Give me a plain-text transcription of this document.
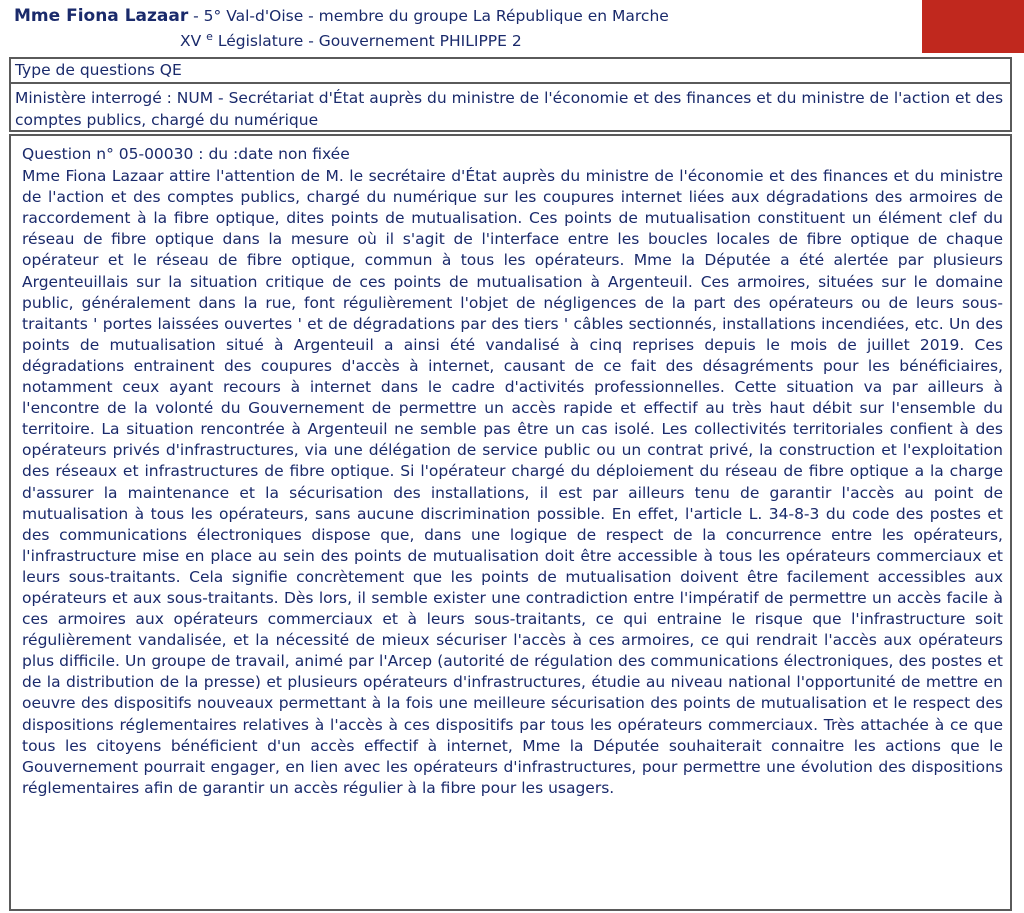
Mme Fiona Lazaar - 5° Val-d'Oise - membre du groupe La République en Marche
XV $^e$ Législature - Gouvernement PHILIPPE 2
Type de questions QE
Ministère interrogé : NUM - Secrétariat d'État auprès du ministre de l'économie et des finances et du ministre de l'action et des comptes publics, chargé du numérique
Question n° 05-00030 : du :date non fixée
Mme Fiona Lazaar attire l'attention de M. le secrétaire d'État auprès du ministre de l'économie et des finances et du ministre de l'action et des comptes publics, chargé du numérique sur les coupures internet liées aux dégradations des armoires de raccordement à la fibre optique, dites points de mutualisation. Ces points de mutualisation constituent un élément clef du réseau de fibre optique dans la mesure où il s'agit de l'interface entre les boucles locales de fibre optique de chaque opérateur et le réseau de fibre optique, commun à tous les opérateurs. Mme la Députée a été alertée par plusieurs Argenteuillais sur la situation critique de ces points de mutualisation à Argenteuil. Ces armoires, situées sur le domaine public, généralement dans la rue, font régulièrement l'objet de négligences de la part des opérateurs ou de leurs sous-traitants ' portes laissées ouvertes ' et de dégradations par des tiers ' câbles sectionnés, installations incendiées, etc. Un des points de mutualisation situé à Argenteuil a ainsi été vandalisé à cinq reprises depuis le mois de juillet 2019. Ces dégradations entrainent des coupures d'accès à internet, causant de ce fait des désagréments pour les bénéficiaires, notamment ceux ayant recours à internet dans le cadre d'activités professionnelles. Cette situation va par ailleurs à l'encontre de la volonté du Gouvernement de permettre un accès rapide et effectif au très haut débit sur l'ensemble du territoire. La situation rencontrée à Argenteuil ne semble pas être un cas isolé. Les collectivités territoriales confient à des opérateurs privés d'infrastructures, via une délégation de service public ou un contrat privé, la construction et l'exploitation des réseaux et infrastructures de fibre optique. Si l'opérateur chargé du déploiement du réseau de fibre optique a la charge d'assurer la maintenance et la sécurisation des installations, il est par ailleurs tenu de garantir l'accès au point de mutualisation à tous les opérateurs, sans aucune discrimination possible. En effet, l'article L. 34-8-3 du code des postes et des communications électroniques dispose que, dans une logique de respect de la concurrence entre les opérateurs, l'infrastructure mise en place au sein des points de mutualisation doit être accessible à tous les opérateurs commerciaux et leurs sous-traitants. Cela signifie concrètement que les points de mutualisation doivent être facilement accessibles aux opérateurs et aux sous-traitants. Dès lors, il semble exister une contradiction entre l'impératif de permettre un accès facile à ces armoires aux opérateurs commerciaux et à leurs sous-traitants, ce qui entraine le risque que l'infrastructure soit régulièrement vandalisée, et la nécessité de mieux sécuriser l'accès à ces armoires, ce qui rendrait l'accès aux opérateurs plus difficile. Un groupe de travail, animé par l'Arcep (autorité de régulation des communications électroniques, des postes et de la distribution de la presse) et plusieurs opérateurs d'infrastructures, étudie au niveau national l'opportunité de mettre en oeuvre des dispositifs nouveaux permettant à la fois une meilleure sécurisation des points de mutualisation et le respect des dispositions réglementaires relatives à l'accès à ces dispositifs par tous les opérateurs commerciaux. Très attachée à ce que tous les citoyens bénéficient d'un accès effectif à internet, Mme la Députée souhaiterait connaitre les actions que le Gouvernement pourrait engager, en lien avec les opérateurs d'infrastructures, pour permettre une évolution des dispositions réglementaires afin de garantir un accès régulier à la fibre pour les usagers.
